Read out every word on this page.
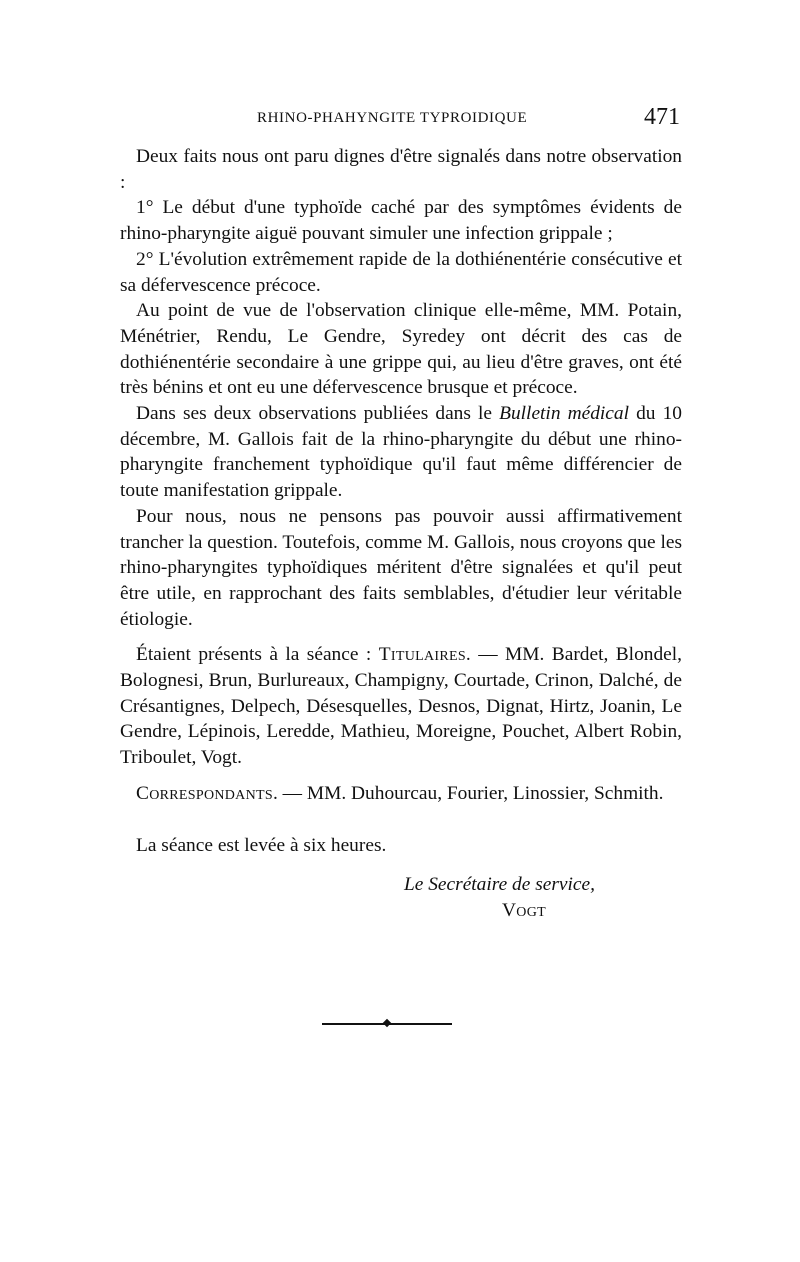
RHINO-PHAHYNGITE TYPROIDIQUE	471

Deux faits nous ont paru dignes d'être signalés dans notre observation :

1° Le début d'une typhoïde caché par des symptômes évidents de rhino-pharyngite aiguë pouvant simuler une infection grippale ;

2° L'évolution extrêmement rapide de la dothiénentérie consécutive et sa défervescence précoce.

Au point de vue de l'observation clinique elle-même, MM. Potain, Ménétrier, Rendu, Le Gendre, Syredey ont décrit des cas de dothiénentérie secondaire à une grippe qui, au lieu d'être graves, ont été très bénins et ont eu une défervescence brusque et précoce.

Dans ses deux observations publiées dans le Bulletin médical du 10 décembre, M. Gallois fait de la rhino-pharyngite du début une rhino-pharyngite franchement typhoïdique qu'il faut même différencier de toute manifestation grippale.

Pour nous, nous ne pensons pas pouvoir aussi affirmativement trancher la question. Toutefois, comme M. Gallois, nous croyons que les rhino-pharyngites typhoïdiques méritent d'être signalées et qu'il peut être utile, en rapprochant des faits semblables, d'étudier leur véritable étiologie.

Étaient présents à la séance : Titulaires. — MM. Bardet, Blondel, Bolognesi, Brun, Burlureaux, Champigny, Courtade, Crinon, Dalché, de Crésantignes, Delpech, Désesquelles, Desnos, Dignat, Hirtz, Joanin, Le Gendre, Lépinois, Leredde, Mathieu, Moreigne, Pouchet, Albert Robin, Triboulet, Vogt.

Correspondants. — MM. Duhourcau, Fourier, Linossier, Schmith.

La séance est levée à six heures.

Le Secrétaire de service,
Vogt
